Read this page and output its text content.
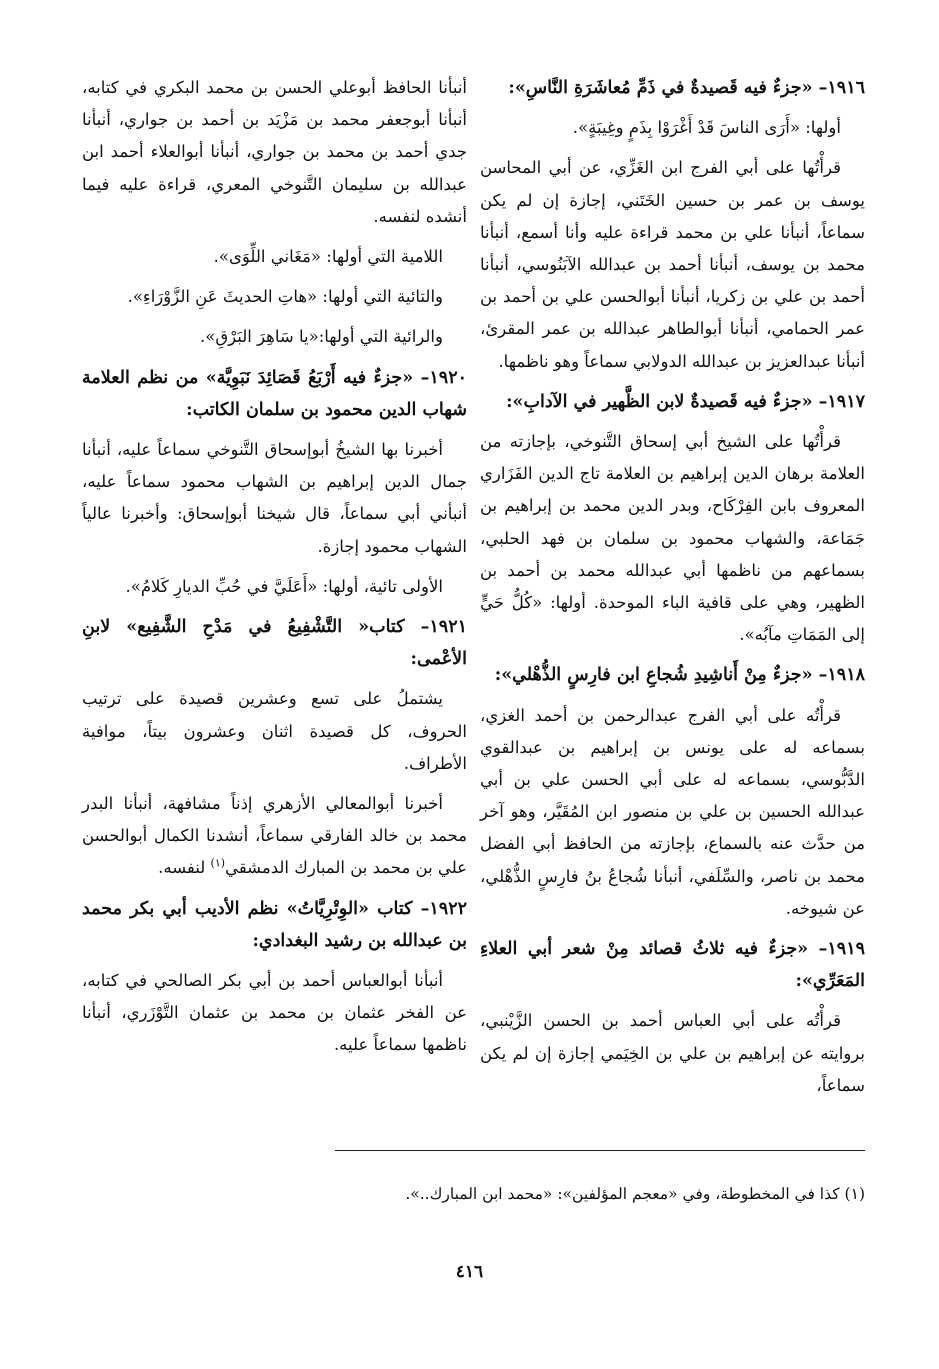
١٩١٦– «جزءٌ فيه قَصيدةٌ في ذَمِّ مُعاشَرَةِ النَّاسِ»:

أولها: «أَرَى الناسَ قَدْ أَغْرَوْا بِذَمٍ وغِيبَةٍ».

قرأْتُها على أبي الفرج ابن الغَزِّي، عن أبي المحاسن يوسف بن عمر بن حسين الخَتَني، إجازة إن لم يكن سماعاً، أنبأنا علي بن محمد قراءة عليه وأنا أسمع، أنبأنا محمد بن يوسف، أنبأنا أحمد بن عبدالله الآبَنُوسي، أنبأنا أحمد بن علي بن زكريا، أنبأنا أبوالحسن علي بن أحمد بن عمر الحمامي، أنبأنا أبوالطاهر عبدالله بن عمر المقرئ، أنبأنا عبدالعزيز بن عبدالله الدولابي سماعاً وهو ناظمها.

١٩١٧– «جزءٌ فيه قَصيدةٌ لابن الظَّهير في الآدابِ»:

قرأْتُها على الشيخ أبي إسحاق التَّنوخي، بإجازته من العلامة برهان الدين إبراهيم بن العلامة تاج الدين الفَزَاري المعروف بابن الفِرْكَاح، وبدر الدين محمد بن إبراهيم بن جَمَاعة، والشهاب محمود بن سلمان بن فهد الحلبي، بسماعهم من ناظمها أبي عبدالله محمد بن أحمد بن الظهير، وهي على قافية الباء الموحدة. أولها: «كُلُّ حَيٍّ إلى المَمَاتِ مآبُه».

١٩١٨– «جزءٌ مِنْ أَناشِيدِ شُجاعِ ابن فارِسٍ الذُّهْلي»:

قرأْتُه على أبي الفرج عبدالرحمن بن أحمد الغزي، بسماعه له على يونس بن إبراهيم بن عبدالقوي الدَّبُّوسي، بسماعه له على أبي الحسن علي بن أبي عبدالله الحسين بن علي بن منصور ابن المُقَيَّر، وهو آخر من حدَّث عنه بالسماع، بإجازته من الحافظ أبي الفضل محمد بن ناصر، والسِّلَفي، أنبأنا شُجاعُ بنُ فارِسٍ الذُّهْلي، عن شيوخه.

١٩١٩– «جزءٌ فيه ثلاثُ قصائد مِنْ شعر أبي العلاءِ المَعَرِّي»:

قرأْتُه على أبي العباس أحمد بن الحسن الزَّيْنبي، بروايته عن إبراهيم بن علي بن الخِيَمي إجازة إن لم يكن سماعاً،

أنبأنا الحافظ أبوعلي الحسن بن محمد البكري في كتابه، أنبأنا أبوجعفر محمد بن مَزْيَد بن أحمد بن جواري، أنبأنا جدي أحمد بن محمد بن جواري، أنبأنا أبوالعلاء أحمد ابن عبدالله بن سليمان التَّنوخي المعري، قراءة عليه فيما أنشده لنفسه.

اللامية التي أولها: «مَغَاني اللِّوَى».

والتائية التي أولها: «هاتِ الحديثَ عَنِ الزَّوْرَاءِ».

والرائية التي أولها:«يا سَاهِرَ البَرْقِ».

١٩٢٠– «جزءٌ فيه أَرْبَعُ قَصَائِدَ نَبَوِيَّة» من نظم العلامة شهاب الدين محمود بن سلمان الكاتب:

أخبرنا بها الشيخُ أبوإسحاق التَّنوخي سماعاً عليه، أنبأنا جمال الدين إبراهيم بن الشهاب محمود سماعاً عليه، أنبأني أبي سماعاً، قال شيخنا أبوإسحاق: وأخبرنا عالياً الشهاب محمود إجازة.

الأولى تائية، أولها: «أَعَلَيَّ في حُبِّ الديارِ كَلامُ».

١٩٢١– كتاب« التَّشْفِيعُ في مَدْحِ الشَّفِيع» لابنِ الأعْمى:

يشتملُ على تسع وعشرين قصيدة على ترتيب الحروف، كل قصيدة اثنان وعشرون بيتاً، موافية الأطراف.

أخبرنا أبوالمعالي الأزهري إذناً مشافهة، أنبأنا البدر محمد بن خالد الفارقي سماعاً، أنشدنا الكمال أبوالحسن علي بن محمد بن المبارك الدمشقي$^{(١)}$ لنفسه.

١٩٢٢– كتاب «الوِتْرِيَّاتُ» نظم الأديب أبي بكر محمد بن عبدالله بن رشيد البغدادي:

أنبأنا أبوالعباس أحمد بن أبي بكر الصالحي في كتابه، عن الفخر عثمان بن محمد بن عثمان التَّوْزَري، أنبأنا ناظمها سماعاً عليه.

(١) كذا في المخطوطة، وفي «معجم المؤلفين»: «محمد ابن المبارك..».

٤١٦
